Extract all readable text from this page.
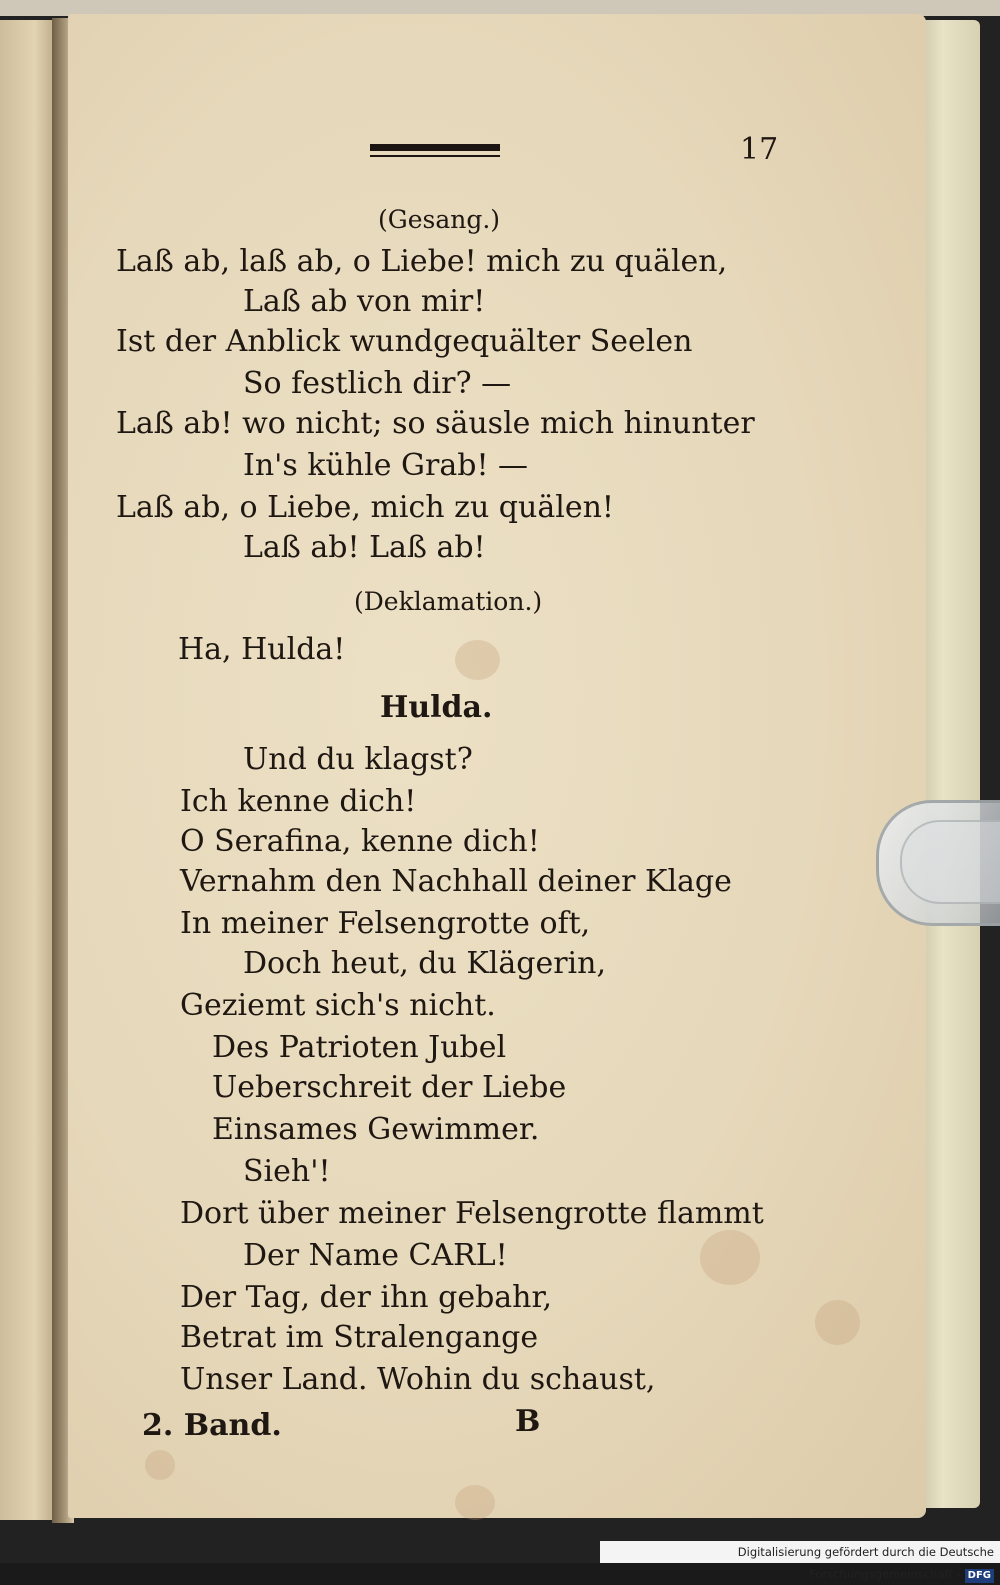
17
(Gesang.)
Laß ab, laß ab, o Liebe! mich zu quälen,
Laß ab von mir!
Ist der Anblick wundgequälter Seelen
So festlich dir? —
Laß ab! wo nicht; so säusle mich hinunter
In's kühle Grab! —
Laß ab, o Liebe, mich zu quälen!
Laß ab! Laß ab!
(Deklamation.)
Ha, Hulda!
Hulda.
Und du klagst?
Ich kenne dich!
O Serafina, kenne dich!
Vernahm den Nachhall deiner Klage
In meiner Felsengrotte oft,
Doch heut, du Klägerin,
Geziemt sich's nicht.
Des Patrioten Jubel
Ueberschreit der Liebe
Einsames Gewimmer.
Sieh'!
Dort über meiner Felsengrotte flammt
Der Name CARL!
Der Tag, der ihn gebahr,
Betrat im Stralengange
Unser Land. Wohin du schaust,
2. Band.	B
Digitalisierung gefördert durch die Deutsche Forschungsgemeinschaft - DFG
